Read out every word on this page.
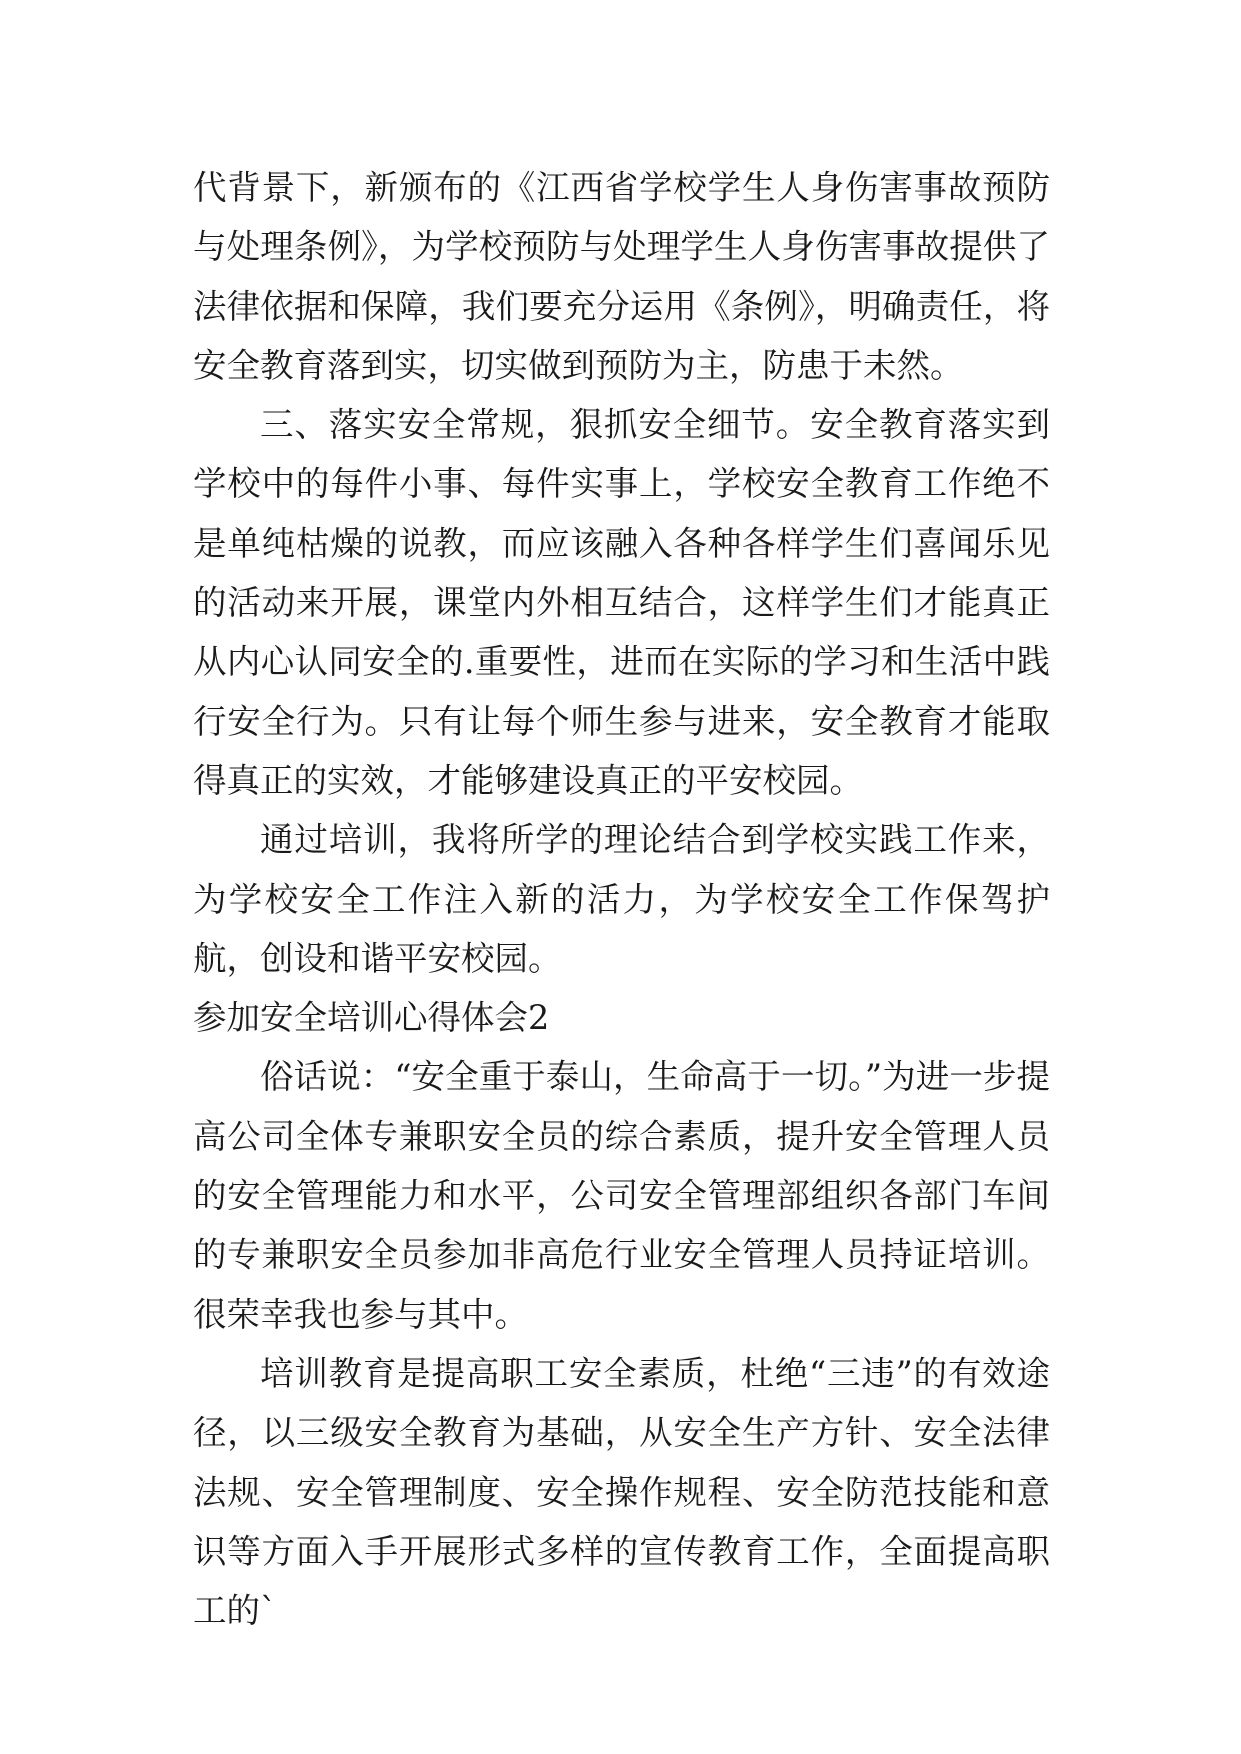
代背景下，新颁布的《江西省学校学生人身伤害事故预防与处理条例》，为学校预防与处理学生人身伤害事故提供了法律依据和保障，我们要充分运用《条例》，明确责任，将安全教育落到实，切实做到预防为主，防患于未然。

三、落实安全常规，狠抓安全细节。安全教育落实到学校中的每件小事、每件实事上，学校安全教育工作绝不是单纯枯燥的说教，而应该融入各种各样学生们喜闻乐见的活动来开展，课堂内外相互结合，这样学生们才能真正从内心认同安全的.重要性，进而在实际的学习和生活中践行安全行为。只有让每个师生参与进来，安全教育才能取得真正的实效，才能够建设真正的平安校园。

通过培训，我将所学的理论结合到学校实践工作来，为学校安全工作注入新的活力，为学校安全工作保驾护航，创设和谐平安校园。

参加安全培训心得体会2

俗话说：“安全重于泰山，生命高于一切。”为进一步提高公司全体专兼职安全员的综合素质，提升安全管理人员的安全管理能力和水平，公司安全管理部组织各部门车间的专兼职安全员参加非高危行业安全管理人员持证培训。很荣幸我也参与其中。

培训教育是提高职工安全素质，杜绝“三违”的有效途径，以三级安全教育为基础，从安全生产方针、安全法律法规、安全管理制度、安全操作规程、安全防范技能和意识等方面入手开展形式多样的宣传教育工作，全面提高职工的`
